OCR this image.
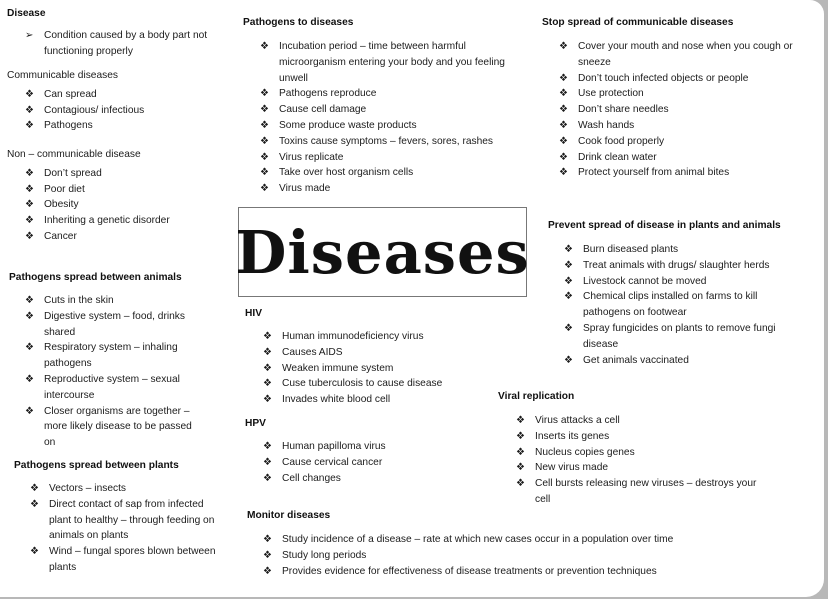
Disease
➢ Condition caused by a body part not functioning properly
Communicable diseases
❖ Can spread
❖ Contagious/ infectious
❖ Pathogens
Non – communicable disease
❖ Don’t spread
❖ Poor diet
❖ Obesity
❖ Inheriting a genetic disorder
❖ Cancer
Pathogens spread between animals
❖ Cuts in the skin
❖ Digestive system – food, drinks shared
❖ Respiratory system – inhaling pathogens
❖ Reproductive system – sexual intercourse
❖ Closer organisms are together – more likely disease to be passed on
Pathogens spread between plants
❖ Vectors – insects
❖ Direct contact of sap from infected plant to healthy – through feeding on animals on plants
❖ Wind – fungal spores blown between plants
Pathogens to diseases
❖ Incubation period – time between harmful microorganism entering your body and you feeling unwell
❖ Pathogens reproduce
❖ Cause cell damage
❖ Some produce waste products
❖ Toxins cause symptoms – fevers, sores, rashes
❖ Virus replicate
❖ Take over host organism cells
❖ Virus made
Diseases
HIV
❖ Human immunodeficiency virus
❖ Causes AIDS
❖ Weaken immune system
❖ Cuse tuberculosis to cause disease
❖ Invades white blood cell
HPV
❖ Human papilloma virus
❖ Cause cervical cancer
❖ Cell changes
Monitor diseases
❖ Study incidence of a disease – rate at which new cases occur in a population over time
❖ Study long periods
❖ Provides evidence for effectiveness of disease treatments or prevention techniques
Stop spread of communicable diseases
❖ Cover your mouth and nose when you cough or sneeze
❖ Don’t touch infected objects or people
❖ Use protection
❖ Don’t share needles
❖ Wash hands
❖ Cook food properly
❖ Drink clean water
❖ Protect yourself from animal bites
Prevent spread of disease in plants and animals
❖ Burn diseased plants
❖ Treat animals with drugs/ slaughter herds
❖ Livestock cannot be moved
❖ Chemical clips installed on farms to kill pathogens on footwear
❖ Spray fungicides on plants to remove fungi disease
❖ Get animals vaccinated
Viral replication
❖ Virus attacks a cell
❖ Inserts its genes
❖ Nucleus copies genes
❖ New virus made
❖ Cell bursts releasing new viruses – destroys your cell
